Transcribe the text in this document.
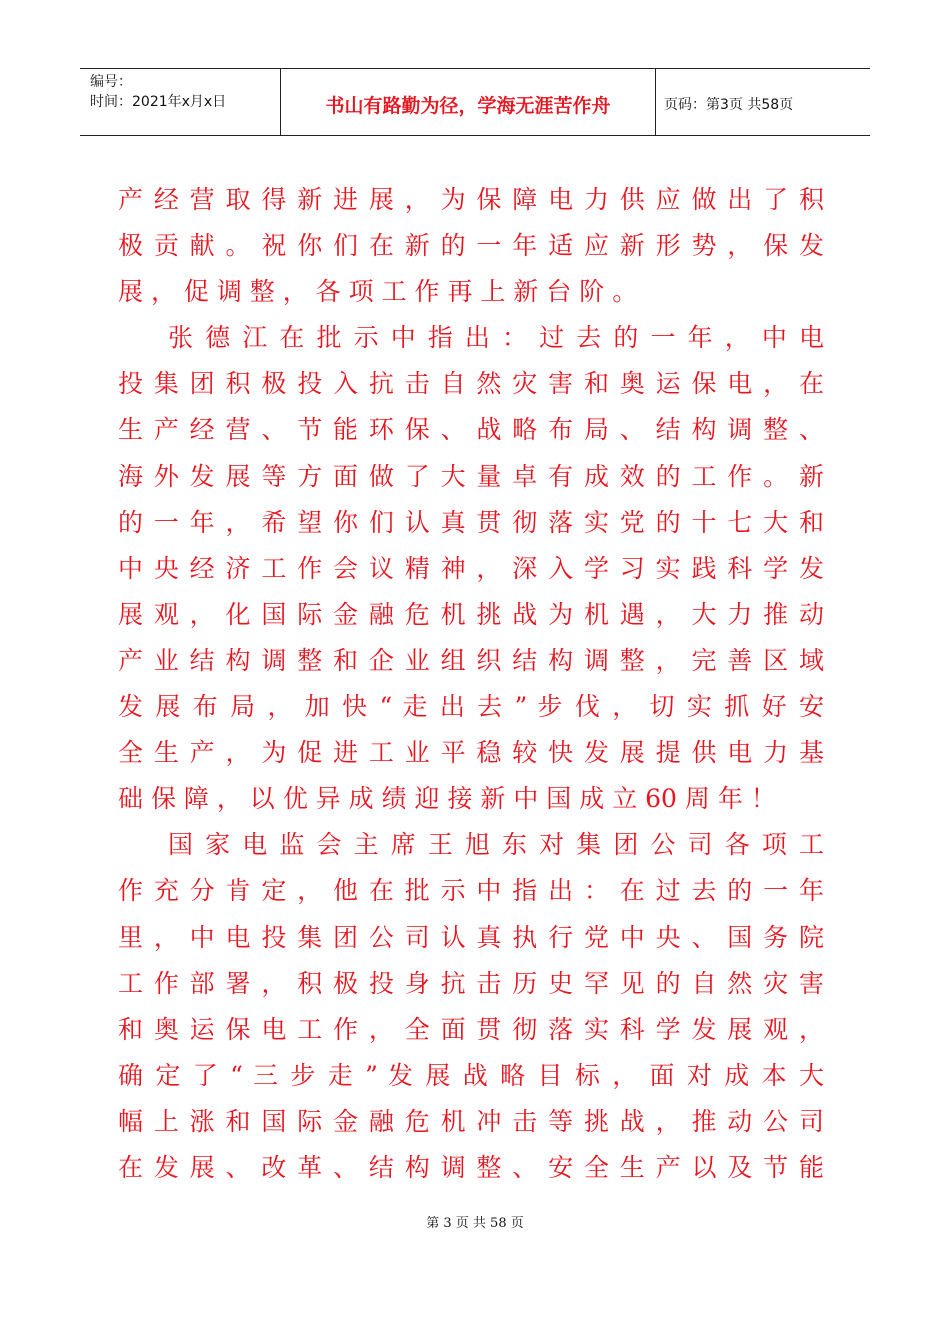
编号：
时间：2021年x月x日	书山有路勤为径，学海无涯苦作舟	页码：第3页 共58页
产 经 营 取 得 新 进 展 ， 为 保 障 电 力 供 应 做 出 了 积
极 贡 献 。 祝 你 们 在 新 的 一 年 适 应 新 形 势 ， 保 发
展 ， 促 调 整 ， 各 项 工 作 再 上 新 台 阶 。
张 德 江 在 批 示 中 指 出 ： 过 去 的 一 年 ， 中 电
投 集 团 积 极 投 入 抗 击 自 然 灾 害 和 奥 运 保 电 ， 在
生 产 经 营 、 节 能 环 保 、 战 略 布 局 、 结 构 调 整 、
海 外 发 展 等 方 面 做 了 大 量 卓 有 成 效 的 工 作 。 新
的 一 年 ， 希 望 你 们 认 真 贯 彻 落 实 党 的 十 七 大 和
中 央 经 济 工 作 会 议 精 神 ， 深 入 学 习 实 践 科 学 发
展 观 ， 化 国 际 金 融 危 机 挑 战 为 机 遇 ， 大 力 推 动
产 业 结 构 调 整 和 企 业 组 织 结 构 调 整 ， 完 善 区 域
发 展 布 局 ， 加 快 “ 走 出 去 ” 步 伐 ， 切 实 抓 好 安
全 生 产 ， 为 促 进 工 业 平 稳 较 快 发 展 提 供 电 力 基
础 保 障 ， 以 优 异 成 绩 迎 接 新 中 国 成 立 60 周 年 ！
国 家 电 监 会 主 席 王 旭 东 对 集 团 公 司 各 项 工
作 充 分 肯 定 ， 他 在 批 示 中 指 出 ： 在 过 去 的 一 年
里 ， 中 电 投 集 团 公 司 认 真 执 行 党 中 央 、 国 务 院
工 作 部 署 ， 积 极 投 身 抗 击 历 史 罕 见 的 自 然 灾 害
和 奥 运 保 电 工 作 ， 全 面 贯 彻 落 实 科 学 发 展 观 ，
确 定 了 “ 三 步 走 ” 发 展 战 略 目 标 ， 面 对 成 本 大
幅 上 涨 和 国 际 金 融 危 机 冲 击 等 挑 战 ， 推 动 公 司
在 发 展 、 改 革 、 结 构 调 整 、 安 全 生 产 以 及 节 能
第 3 页 共 58 页
